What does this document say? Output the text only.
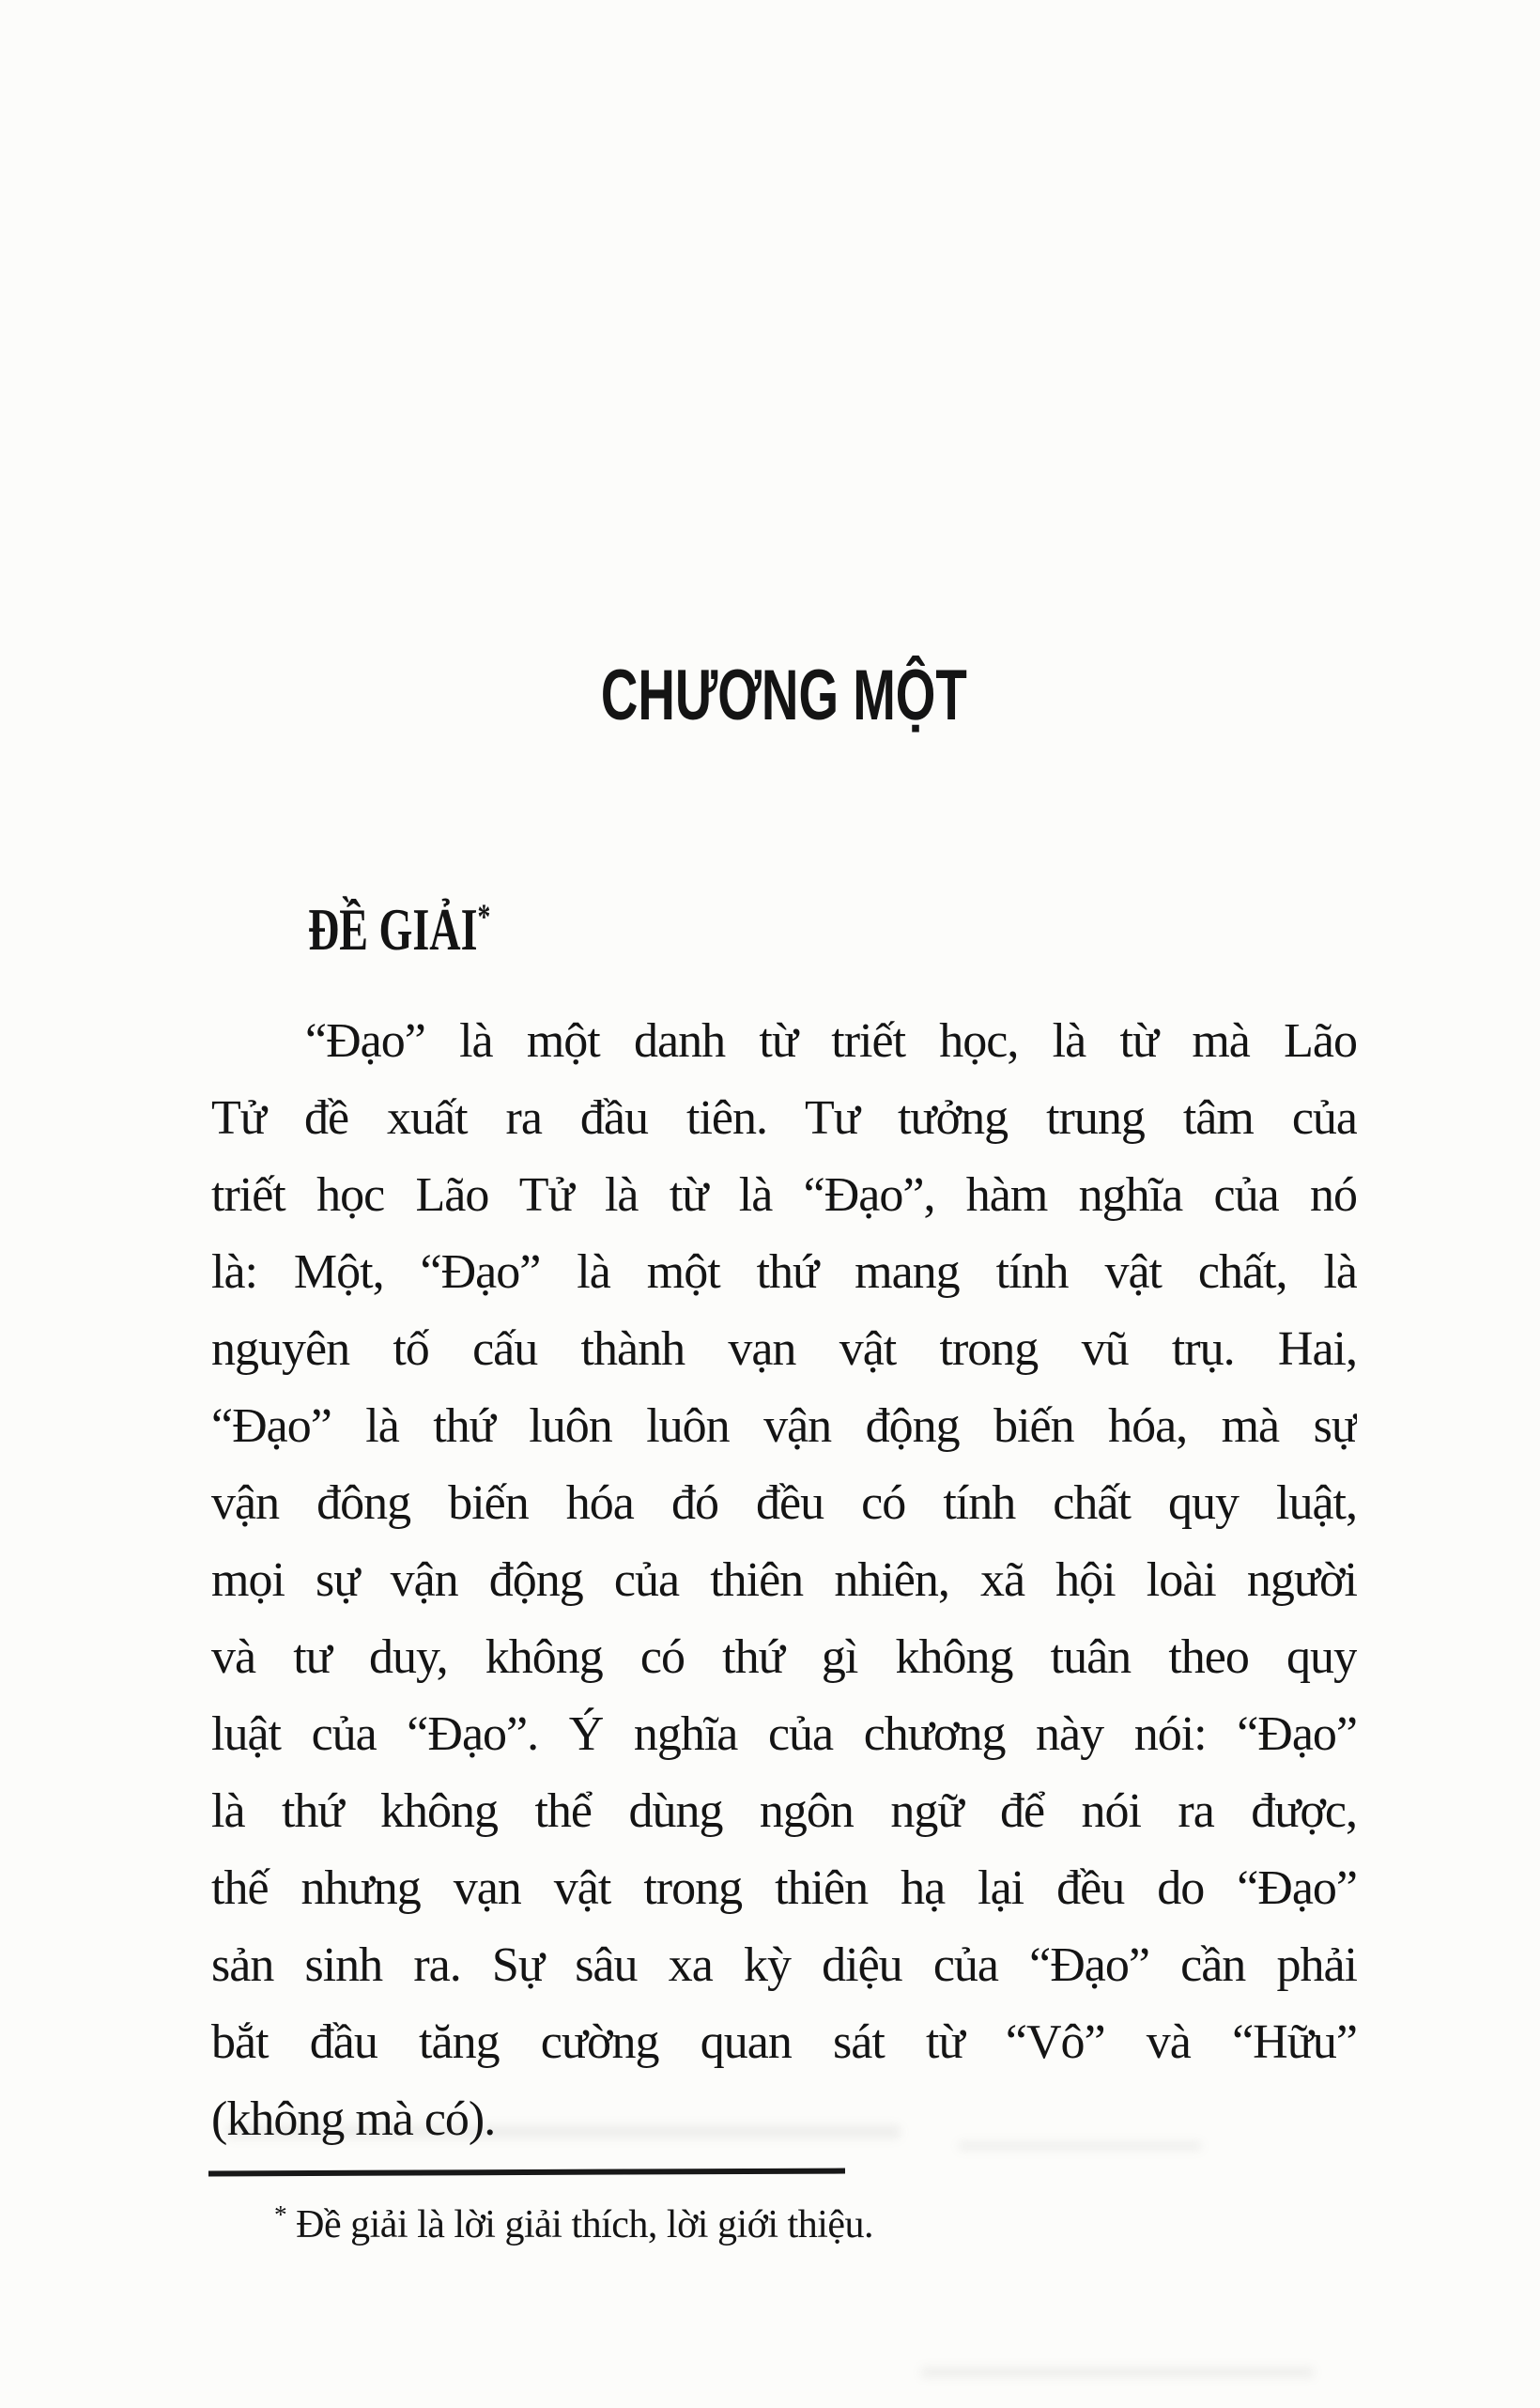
CHƯƠNG MỘT
ĐỀ GIẢI*
“Đạo” là một danh từ triết học, là từ mà Lão
Tử đề xuất ra đầu tiên. Tư tưởng trung tâm của
triết học Lão Tử là từ là “Đạo”, hàm nghĩa của nó
là: Một, “Đạo” là một thứ mang tính vật chất, là
nguyên tố cấu thành vạn vật trong vũ trụ. Hai,
“Đạo” là thứ luôn luôn vận động biến hóa, mà sự
vận đông biến hóa đó đều có tính chất quy luật,
mọi sự vận động của thiên nhiên, xã hội loài người
và tư duy, không có thứ gì không tuân theo quy
luật của “Đạo”. Ý nghĩa của chương này nói: “Đạo”
là thứ không thể dùng ngôn ngữ để nói ra được,
thế nhưng vạn vật trong thiên hạ lại đều do “Đạo”
sản sinh ra. Sự sâu xa kỳ diệu của “Đạo” cần phải
bắt đầu tăng cường quan sát từ “Vô” và “Hữu”
(không mà có).
* Đề giải là lời giải thích, lời giới thiệu.
